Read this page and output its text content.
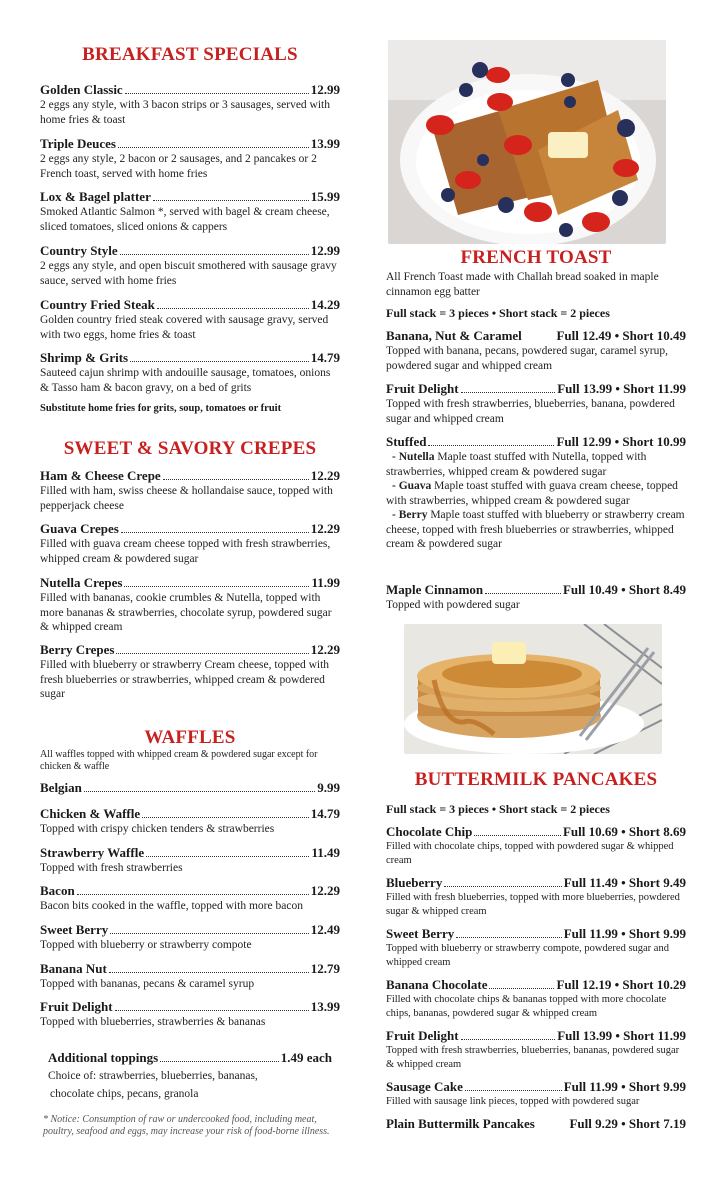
BREAKFAST SPECIALS
Golden Classic	12.99
2 eggs any style, with 3 bacon strips or 3 sausages, served with home fries & toast
Triple Deuces	13.99
2 eggs any style, 2 bacon or 2 sausages, and 2 pancakes or 2 French toast, served with home fries
Lox & Bagel platter	15.99
Smoked Atlantic Salmon *, served with bagel & cream cheese, sliced tomatoes, sliced onions & cappers
Country Style	12.99
2 eggs any style, and open biscuit smothered with sausage gravy sauce, served with home fries
Country Fried Steak	14.29
Golden country fried steak covered with sausage gravy, served with two eggs, home fries & toast
Shrimp & Grits	14.79
Sauteed cajun shrimp with andouille sausage, tomatoes, onions & Tasso ham & bacon gravy, on a bed of grits
Substitute home fries for grits, soup, tomatoes or fruit
SWEET & SAVORY CREPES
Ham & Cheese Crepe	12.29
Filled with ham, swiss cheese & hollandaise sauce, topped with pepperjack cheese
Guava Crepes	12.29
Filled with guava cream cheese topped with fresh strawberries, whipped cream & powdered sugar
Nutella Crepes	11.99
Filled with bananas, cookie crumbles & Nutella, topped with more bananas & strawberries, chocolate syrup, powdered sugar & whipped cream
Berry Crepes	12.29
Filled with blueberry or strawberry Cream cheese, topped with fresh blueberries or strawberries, whipped cream & powdered sugar
WAFFLES
All waffles topped with whipped cream & powdered sugar except for chicken & waffle
Belgian	9.99
Chicken & Waffle	14.79
Topped with crispy chicken tenders & strawberries
Strawberry Waffle	11.49
Topped with fresh strawberries
Bacon	12.29
Bacon bits cooked in the waffle, topped with more bacon
Sweet Berry	12.49
Topped with blueberry or strawberry compote
Banana Nut	12.79
Topped with bananas, pecans & caramel syrup
Fruit Delight	13.99
Topped with blueberries, strawberries & bananas
Additional toppings	1.49 each
Choice of: strawberries, blueberries, bananas,
chocolate chips, pecans, granola
* Notice: Consumption of raw or undercooked food, including meat, poultry, seafood and eggs, may increase your risk of food-borne illness.
FRENCH TOAST
All French Toast made with Challah bread soaked in maple cinnamon egg batter
Full stack = 3 pieces • Short stack = 2 pieces
Banana, Nut & Caramel	Full 12.49 • Short 10.49
Topped with banana, pecans, powdered sugar, caramel syrup, powdered sugar and whipped cream
Fruit Delight	Full 13.99 • Short 11.99
Topped with fresh strawberries, blueberries, banana, powdered sugar and whipped cream
Stuffed	Full 12.99 • Short 10.99
- Nutella Maple toast stuffed with Nutella, topped with strawberries, whipped cream & powdered sugar
- Guava Maple toast stuffed with guava cream cheese, topped with strawberries, whipped cream & powdered sugar
- Berry Maple toast stuffed with blueberry or strawberry cream cheese, topped with fresh blueberries or strawberries, whipped cream & powdered sugar
Maple Cinnamon	Full 10.49 • Short 8.49
Topped with powdered sugar
BUTTERMILK PANCAKES
Full stack = 3 pieces • Short stack = 2 pieces
Chocolate Chip	Full 10.69 • Short 8.69
Filled with chocolate chips, topped with powdered sugar & whipped cream
Blueberry	Full 11.49 • Short 9.49
Filled with fresh blueberries, topped with more blueberries, powdered sugar & whipped cream
Sweet Berry	Full 11.99 • Short 9.99
Topped with blueberry or strawberry compote, powdered sugar and whipped cream
Banana Chocolate	Full 12.19 • Short 10.29
Filled with chocolate chips & bananas topped with more chocolate chips, bananas, powdered sugar & whipped cream
Fruit Delight	Full 13.99 • Short 11.99
Topped with fresh strawberries, blueberries, bananas, powdered sugar & whipped cream
Sausage Cake	Full 11.99 • Short 9.99
Filled with sausage link pieces, topped with powdered sugar
Plain Buttermilk Pancakes	Full 9.29 • Short 7.19
